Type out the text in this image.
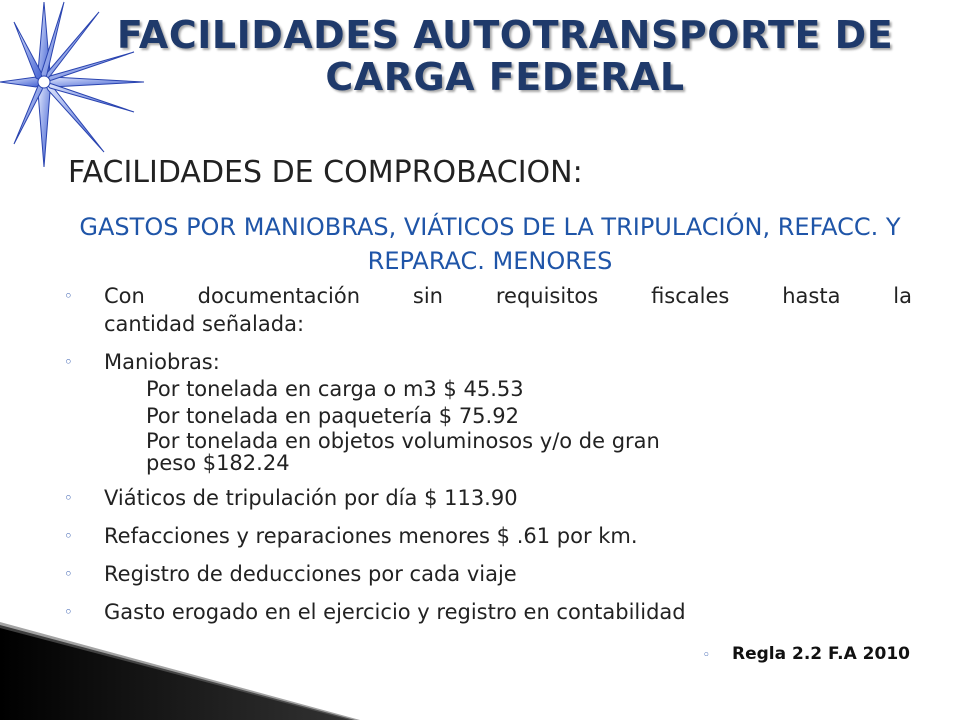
FACILIDADES AUTOTRANSPORTE DE CARGA FEDERAL
FACILIDADES DE COMPROBACION:
GASTOS POR MANIOBRAS, VIÁTICOS DE LA TRIPULACIÓN, REFACC. Y REPARAC. MENORES
◦ Con documentación sin requisitos fiscales hasta la
cantidad señalada:
◦ Maniobras:
Por tonelada en carga o m3 $ 45.53
Por tonelada en paquetería $ 75.92
Por tonelada en objetos voluminosos y/o de gran
peso $182.24
◦ Viáticos de tripulación por día $ 113.90
◦ Refacciones y reparaciones menores $ .61 por km.
◦ Registro de deducciones por cada viaje
◦ Gasto erogado en el ejercicio y registro en contabilidad
◦ Regla 2.2 F.A 2010
